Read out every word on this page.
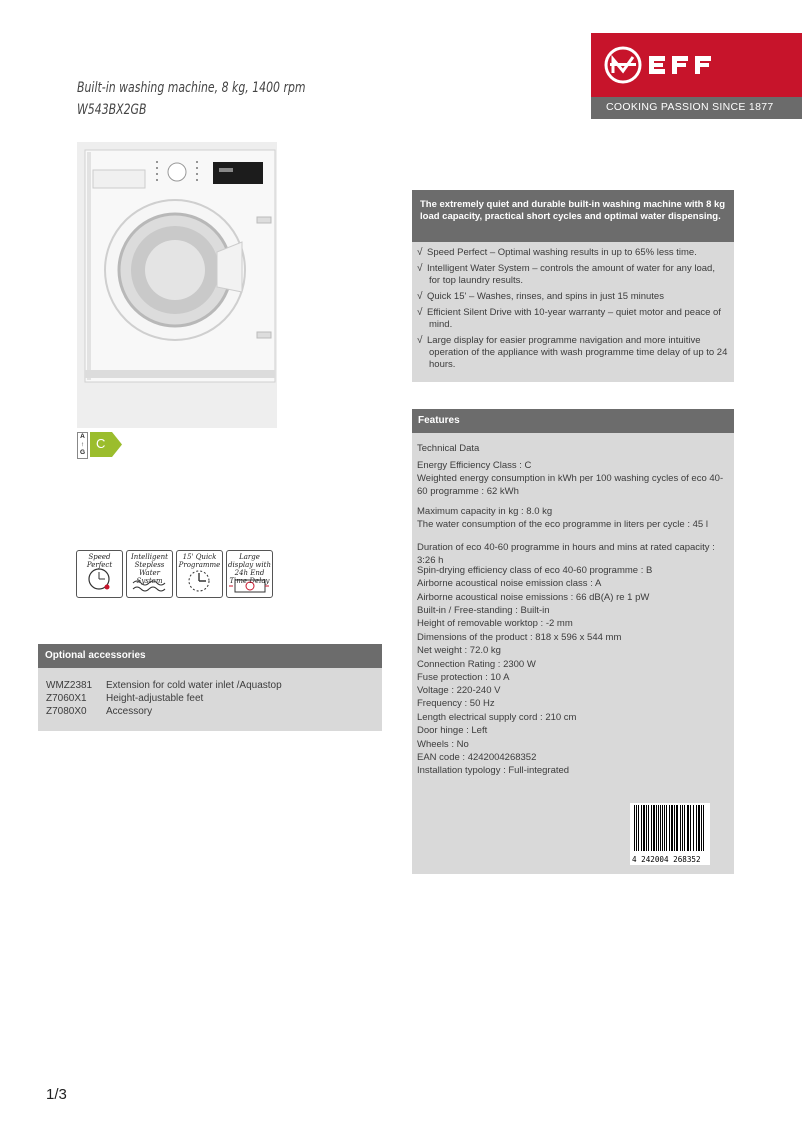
COOKING PASSION SINCE 1877
Built-in washing machine, 8 kg, 1400 rpm
W543BX2GB
A
↑
G
C
Speed Perfect
Intelligent Stepless Water System
15' Quick Programme
Large display with 24h End Time Delay
Optional accessories
WMZ2381	Extension for cold water inlet /Aquastop
Z7060X1	Height-adjustable feet
Z7080X0	Accessory
The extremely quiet and durable built-in washing machine with 8 kg load capacity, practical short cycles and optimal water dispensing.
√ Speed Perfect – Optimal washing results in up to 65% less time.
√ Intelligent Water System – controls the amount of water for any load, for top laundry results.
√ Quick 15' – Washes, rinses, and spins in just 15 minutes
√ Efficient Silent Drive with 10-year warranty – quiet motor and peace of mind.
√ Large display for easier programme navigation and more intuitive operation of the appliance with wash programme time delay of up to 24 hours.
Features
Technical Data
Energy Efficiency Class : C
Weighted energy consumption in kWh per 100 washing cycles of eco 40-60 programme : 62 kWh
Maximum capacity in kg : 8.0 kg
The water consumption of the eco programme in liters per cycle : 45 l
Duration of eco 40-60 programme in hours and mins at rated capacity : 3:26 h
Spin-drying efficiency class of eco 40-60 programme : B
Airborne acoustical noise emission class : A
Airborne acoustical noise emissions : 66 dB(A) re 1 pW
Built-in / Free-standing : Built-in
Height of removable worktop : -2 mm
Dimensions of the product : 818 x 596 x 544 mm
Net weight : 72.0 kg
Connection Rating : 2300 W
Fuse protection : 10 A
Voltage : 220-240 V
Frequency : 50 Hz
Length electrical supply cord : 210 cm
Door hinge : Left
Wheels : No
EAN code : 4242004268352
Installation typology : Full-integrated
4 242004 268352
1/3
